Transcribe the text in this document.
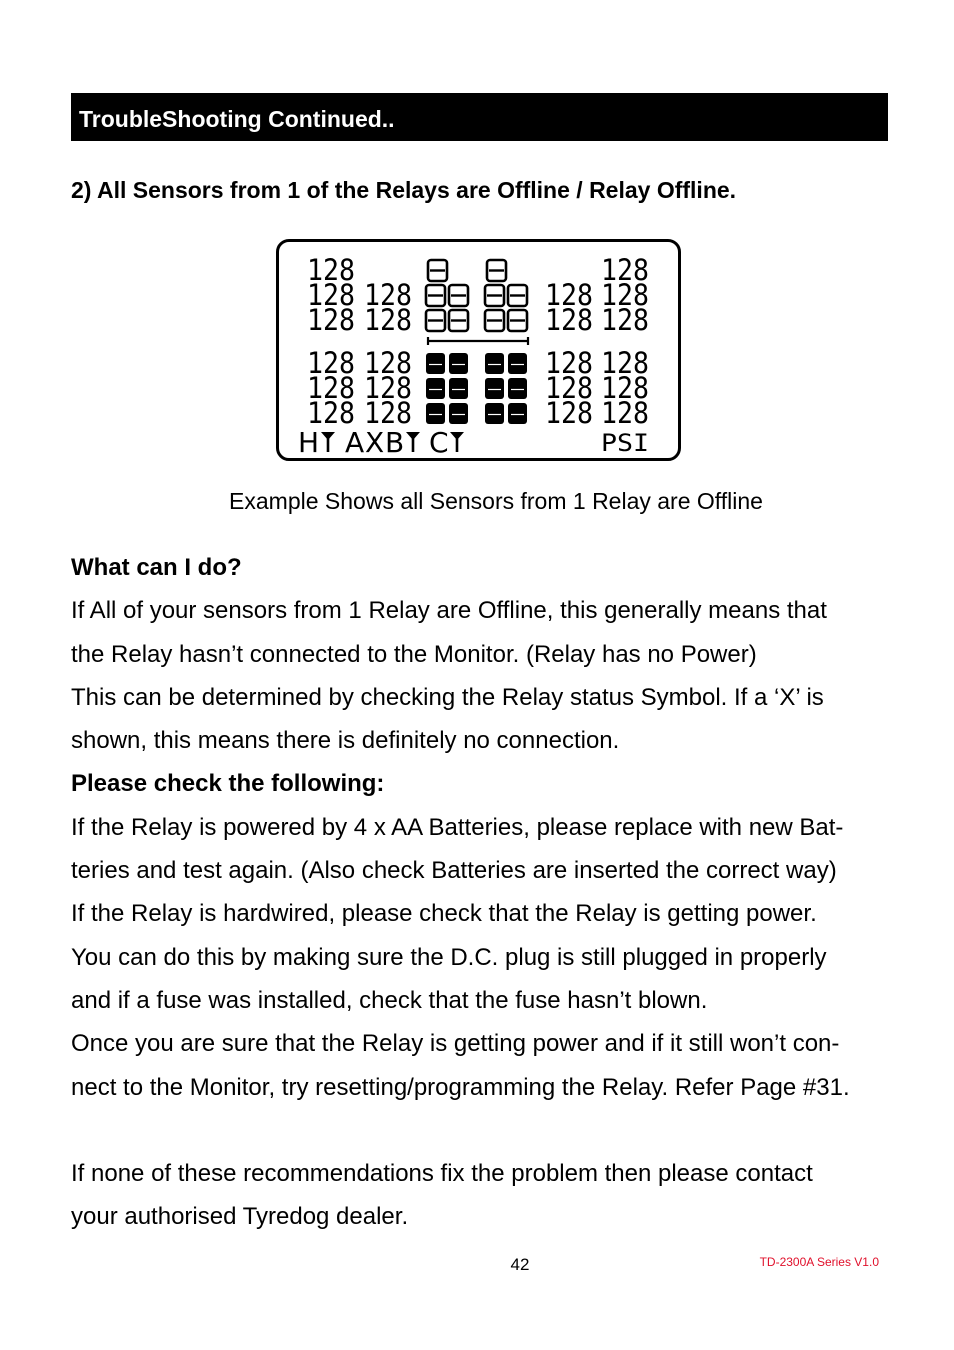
TroubleShooting Continued..
2) All Sensors from 1 of the Relays are Offline / Relay Offline.
128	128
128 128	128 128
128 128	128 128
128 128	128 128
128 128	128 128
128 128	128 128
H A X B C	PSI
Example Shows all Sensors from 1 Relay are Offline
What can I do?
If All of your sensors from 1 Relay are Offline, this generally means that
the Relay hasn’t connected to the Monitor. (Relay has no Power)
This can be determined by checking the Relay status Symbol. If a ‘X’ is
shown, this means there is definitely no connection.
Please check the following:
If the Relay is powered by 4 x AA Batteries, please replace with new Bat-
teries and test again. (Also check Batteries are inserted the correct way)
If the Relay is hardwired, please check that the Relay is getting power.
You can do this by making sure the D.C. plug is still plugged in properly
and if a fuse was installed, check that the fuse hasn’t blown.
Once you are sure that the Relay is getting power and if it still won’t con-
nect to the Monitor, try resetting/programming the Relay. Refer Page #31.
If none of these recommendations fix the problem then please contact
your authorised Tyredog dealer.
42	TD-2300A Series V1.0
